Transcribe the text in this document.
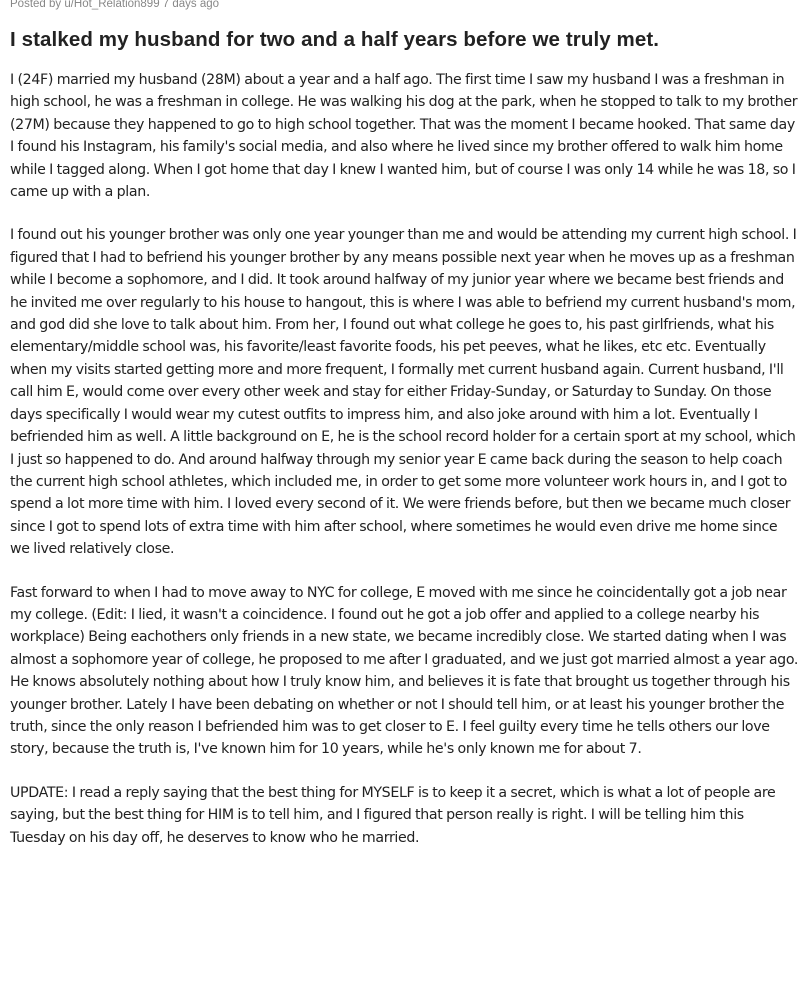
Posted by u/Hot_Relation899 7 days ago
I stalked my husband for two and a half years before we truly met.

I (24F) married my husband (28M) about a year and a half ago. The first time I saw my husband I was a freshman in high school, he was a freshman in college. He was walking his dog at the park, when he stopped to talk to my brother (27M) because they happened to go to high school together. That was the moment I became hooked. That same day I found his Instagram, his family's social media, and also where he lived since my brother offered to walk him home while I tagged along. When I got home that day I knew I wanted him, but of course I was only 14 while he was 18, so I came up with a plan.

I found out his younger brother was only one year younger than me and would be attending my current high school. I figured that I had to befriend his younger brother by any means possible next year when he moves up as a freshman while I become a sophomore, and I did. It took around halfway of my junior year where we became best friends and he invited me over regularly to his house to hangout, this is where I was able to befriend my current husband's mom, and god did she love to talk about him. From her, I found out what college he goes to, his past girlfriends, what his elementary/middle school was, his favorite/least favorite foods, his pet peeves, what he likes, etc etc. Eventually when my visits started getting more and more frequent, I formally met current husband again. Current husband, I'll call him E, would come over every other week and stay for either Friday-Sunday, or Saturday to Sunday. On those days specifically I would wear my cutest outfits to impress him, and also joke around with him a lot. Eventually I befriended him as well. A little background on E, he is the school record holder for a certain sport at my school, which I just so happened to do. And around halfway through my senior year E came back during the season to help coach the current high school athletes, which included me, in order to get some more volunteer work hours in, and I got to spend a lot more time with him. I loved every second of it. We were friends before, but then we became much closer since I got to spend lots of extra time with him after school, where sometimes he would even drive me home since we lived relatively close.

Fast forward to when I had to move away to NYC for college, E moved with me since he coincidentally got a job near my college. (Edit: I lied, it wasn't a coincidence. I found out he got a job offer and applied to a college nearby his workplace) Being eachothers only friends in a new state, we became incredibly close. We started dating when I was almost a sophomore year of college, he proposed to me after I graduated, and we just got married almost a year ago. He knows absolutely nothing about how I truly know him, and believes it is fate that brought us together through his younger brother. Lately I have been debating on whether or not I should tell him, or at least his younger brother the truth, since the only reason I befriended him was to get closer to E. I feel guilty every time he tells others our love story, because the truth is, I've known him for 10 years, while he's only known me for about 7.

UPDATE: I read a reply saying that the best thing for MYSELF is to keep it a secret, which is what a lot of people are saying, but the best thing for HIM is to tell him, and I figured that person really is right. I will be telling him this Tuesday on his day off, he deserves to know who he married.
